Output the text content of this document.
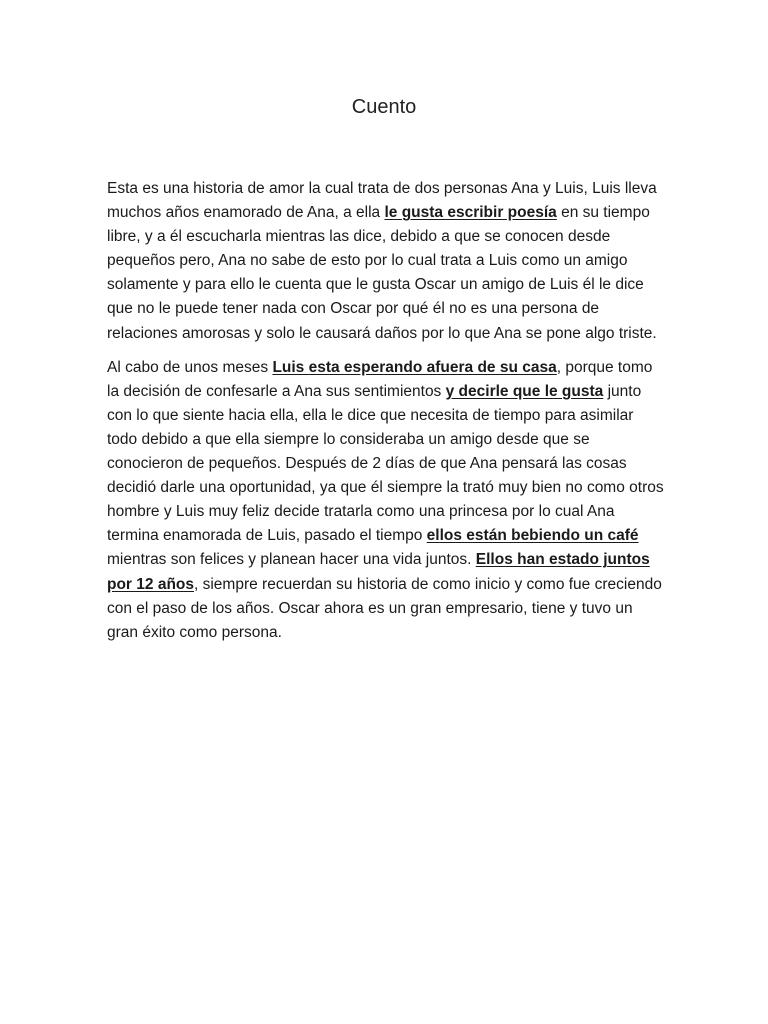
Cuento

Esta es una historia de amor la cual trata de dos personas Ana y Luis, Luis lleva muchos años enamorado de Ana, a ella le gusta escribir poesía en su tiempo libre, y a él escucharla mientras las dice, debido a que se conocen desde pequeños pero, Ana no sabe de esto por lo cual trata a Luis como un amigo solamente y para ello le cuenta que le gusta Oscar un amigo de Luis él le dice que no le puede tener nada con Oscar por qué él no es una persona de relaciones amorosas y solo le causará daños por lo que Ana se pone algo triste.

Al cabo de unos meses Luis esta esperando afuera de su casa, porque tomo la decisión de confesarle a Ana sus sentimientos y decirle que le gusta junto con lo que siente hacia ella, ella le dice que necesita de tiempo para asimilar todo debido a que ella siempre lo consideraba un amigo desde que se conocieron de pequeños. Después de 2 días de que Ana pensará las cosas decidió darle una oportunidad, ya que él siempre la trató muy bien no como otros hombre y Luis muy feliz decide tratarla como una princesa por lo cual Ana termina enamorada de Luis, pasado el tiempo ellos están bebiendo un café mientras son felices y planean hacer una vida juntos. Ellos han estado juntos por 12 años, siempre recuerdan su historia de como inicio y como fue creciendo con el paso de los años. Oscar ahora es un gran empresario, tiene y tuvo un gran éxito como persona.
